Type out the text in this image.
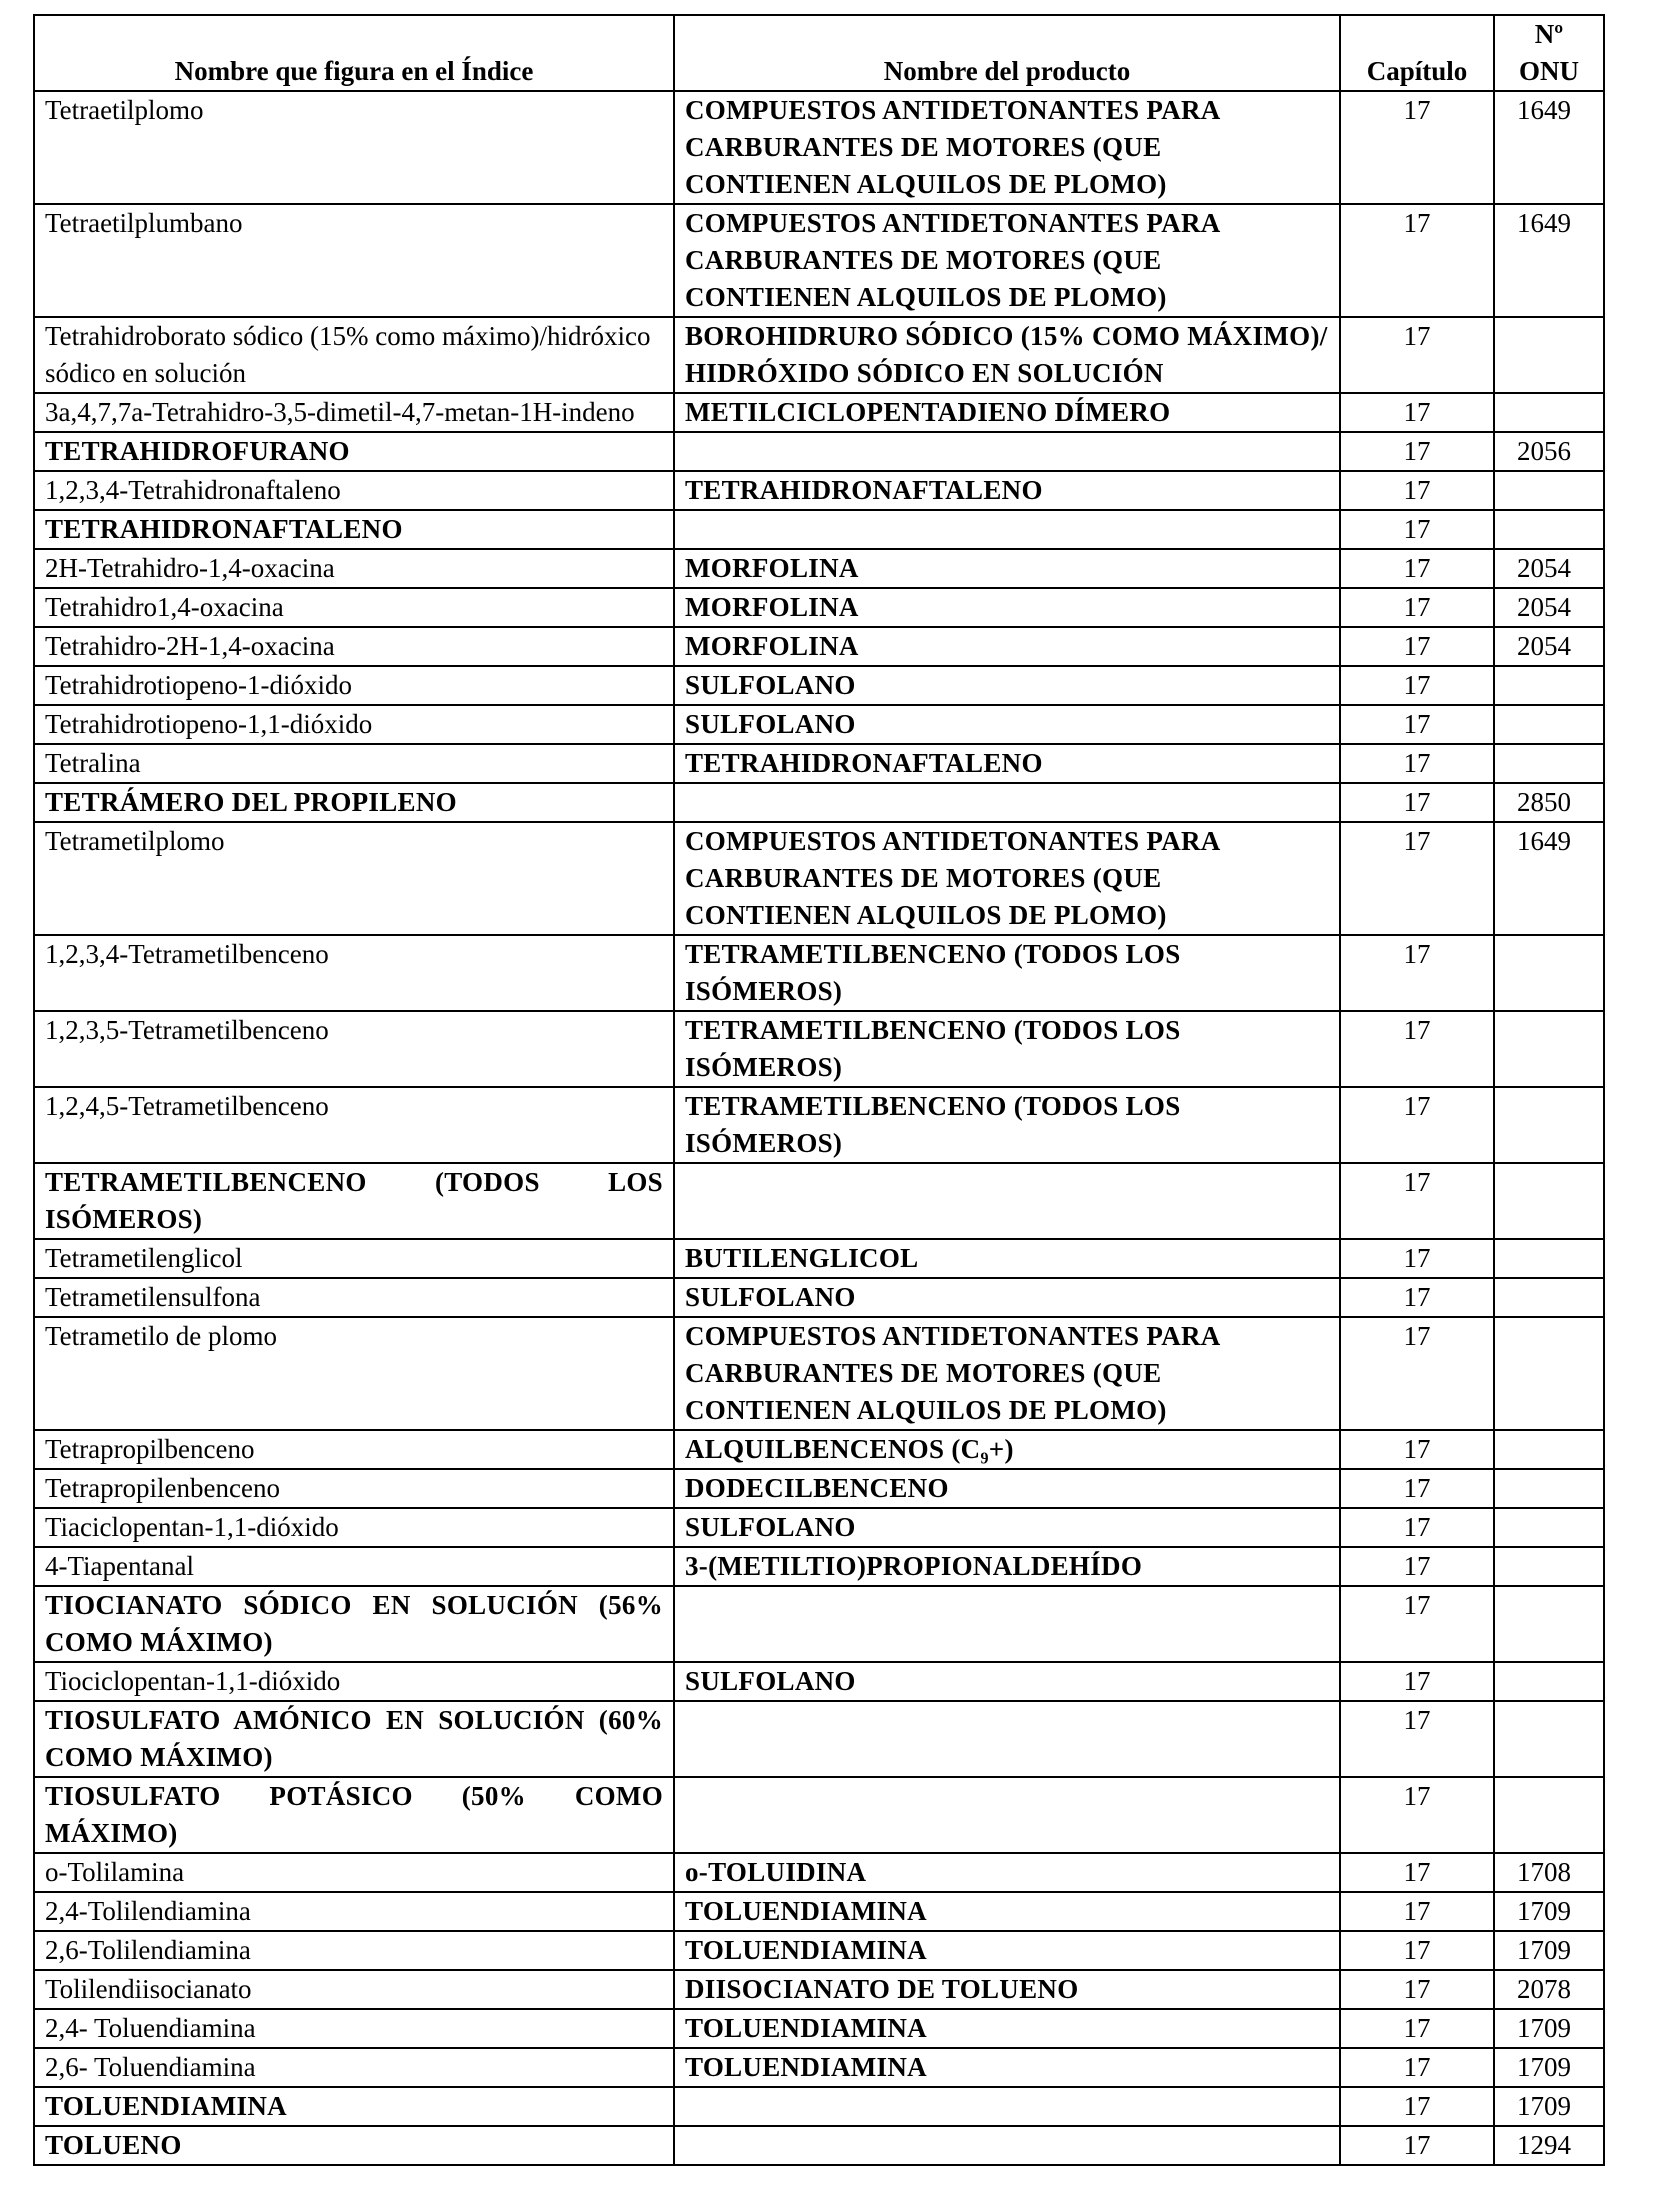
Nombre que figura en el Índice	Nombre del producto	Capítulo	Nº ONU
Tetraetilplomo	COMPUESTOS ANTIDETONANTES PARA CARBURANTES DE MOTORES (QUE CONTIENEN ALQUILOS DE PLOMO)	17	1649
Tetraetilplumbano	COMPUESTOS ANTIDETONANTES PARA CARBURANTES DE MOTORES (QUE CONTIENEN ALQUILOS DE PLOMO)	17	1649
Tetrahidroborato sódico (15% como máximo)/hidróxico sódico en solución	BOROHIDRURO SÓDICO (15% COMO MÁXIMO)/ HIDRÓXIDO SÓDICO EN SOLUCIÓN	17	
3a,4,7,7a-Tetrahidro-3,5-dimetil-4,7-metan-1H-indeno	METILCICLOPENTADIENO DÍMERO	17	
TETRAHIDROFURANO		17	2056
1,2,3,4-Tetrahidronaftaleno	TETRAHIDRONAFTALENO	17	
TETRAHIDRONAFTALENO		17	
2H-Tetrahidro-1,4-oxacina	MORFOLINA	17	2054
Tetrahidro1,4-oxacina	MORFOLINA	17	2054
Tetrahidro-2H-1,4-oxacina	MORFOLINA	17	2054
Tetrahidrotiopeno-1-dióxido	SULFOLANO	17	
Tetrahidrotiopeno-1,1-dióxido	SULFOLANO	17	
Tetralina	TETRAHIDRONAFTALENO	17	
TETRÁMERO DEL PROPILENO		17	2850
Tetrametilplomo	COMPUESTOS ANTIDETONANTES PARA CARBURANTES DE MOTORES (QUE CONTIENEN ALQUILOS DE PLOMO)	17	1649
1,2,3,4-Tetrametilbenceno	TETRAMETILBENCENO (TODOS LOS ISÓMEROS)	17	
1,2,3,5-Tetrametilbenceno	TETRAMETILBENCENO (TODOS LOS ISÓMEROS)	17	
1,2,4,5-Tetrametilbenceno	TETRAMETILBENCENO (TODOS LOS ISÓMEROS)	17	
TETRAMETILBENCENO (TODOS LOS ISÓMEROS)		17	
Tetrametilenglicol	BUTILENGLICOL	17	
Tetrametilensulfona	SULFOLANO	17	
Tetrametilo de plomo	COMPUESTOS ANTIDETONANTES PARA CARBURANTES DE MOTORES (QUE CONTIENEN ALQUILOS DE PLOMO)	17	
Tetrapropilbenceno	ALQUILBENCENOS (C₉+)	17	
Tetrapropilenbenceno	DODECILBENCENO	17	
Tiaciclopentan-1,1-dióxido	SULFOLANO	17	
4-Tiapentanal	3-(METILTIO)PROPIONALDEHÍDO	17	
TIOCIANATO SÓDICO EN SOLUCIÓN (56% COMO MÁXIMO)		17	
Tiociclopentan-1,1-dióxido	SULFOLANO	17	
TIOSULFATO AMÓNICO EN SOLUCIÓN (60% COMO MÁXIMO)		17	
TIOSULFATO POTÁSICO (50% COMO MÁXIMO)		17	
o-Tolilamina	o-TOLUIDINA	17	1708
2,4-Tolilendiamina	TOLUENDIAMINA	17	1709
2,6-Tolilendiamina	TOLUENDIAMINA	17	1709
Tolilendiisocianato	DIISOCIANATO DE TOLUENO	17	2078
2,4- Toluendiamina	TOLUENDIAMINA	17	1709
2,6- Toluendiamina	TOLUENDIAMINA	17	1709
TOLUENDIAMINA		17	1709
TOLUENO		17	1294
